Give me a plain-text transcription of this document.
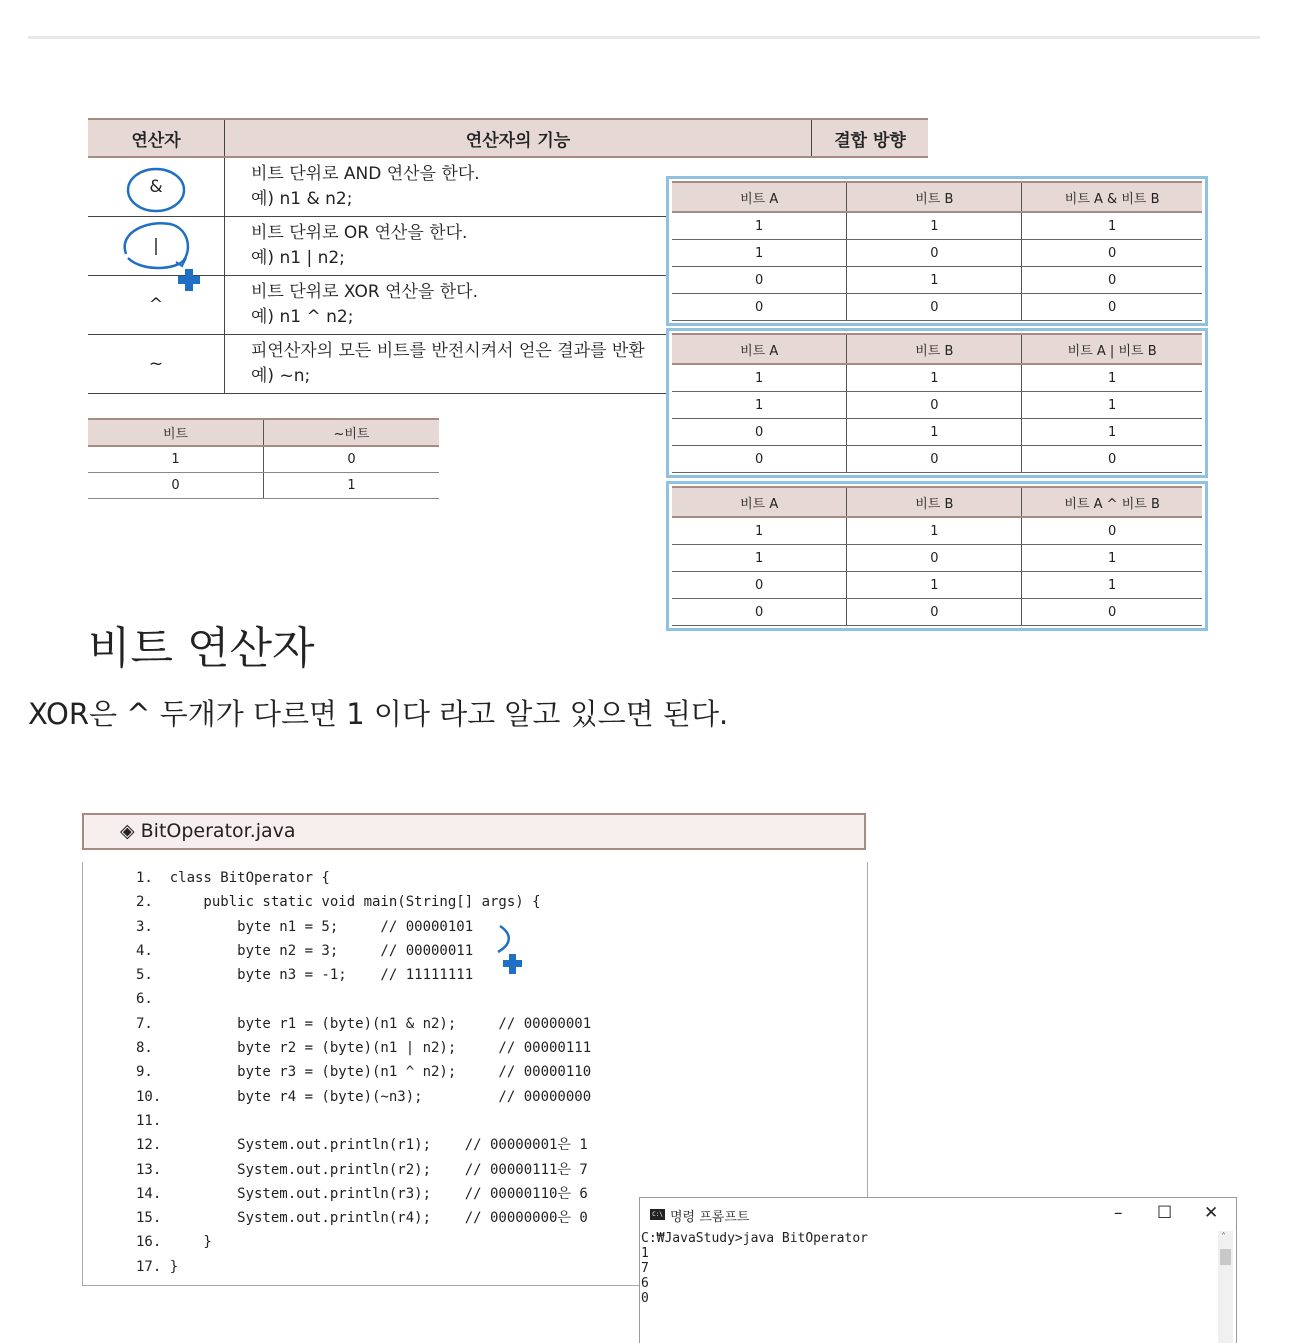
연산자	연산자의 기능	결합 방향
&	비트 단위로 AND 연산을 한다.
예) n1 & n2;	

|	비트 단위로 OR 연산을 한다.
예) n1 | n2;	

^	비트 단위로 XOR 연산을 한다.
예) n1 ^ n2;	

~	피연산자의 모든 비트를 반전시켜서 얻은 결과를 반환
예) ~n;	
비트	~비트
1	0
0	1
비트 A	비트 B	비트 A & 비트 B
1	1	1
1	0	0
0	1	0
0	0	0
비트 A	비트 B	비트 A | 비트 B
1	1	1
1	0	1
0	1	1
0	0	0
비트 A	비트 B	비트 A ^ 비트 B
1	1	0
1	0	1
0	1	1
0	0	0
비트 연산자
XOR은 ^ 두개가 다르면 1 이다 라고 알고 있으면 된다.
◈ BitOperator.java
1.  class BitOperator {
2.      public static void main(String[] args) {
3.          byte n1 = 5;     // 00000101
4.          byte n2 = 3;     // 00000011
5.          byte n3 = -1;    // 11111111
6.
7.          byte r1 = (byte)(n1 & n2);     // 00000001
8.          byte r2 = (byte)(n1 | n2);     // 00000111
9.          byte r3 = (byte)(n1 ^ n2);     // 00000110
10.         byte r4 = (byte)(~n3);         // 00000000
11.
12.         System.out.println(r1);    // 00000001은 1
13.         System.out.println(r2);    // 00000111은 7
14.         System.out.println(r3);    // 00000110은 6
15.         System.out.println(r4);    // 00000000은 0
16.     }
17. }
C:\ 명령 프롬프트	– ☐ ✕
C:₩JavaStudy>java BitOperator
1
7
6
0
˄
